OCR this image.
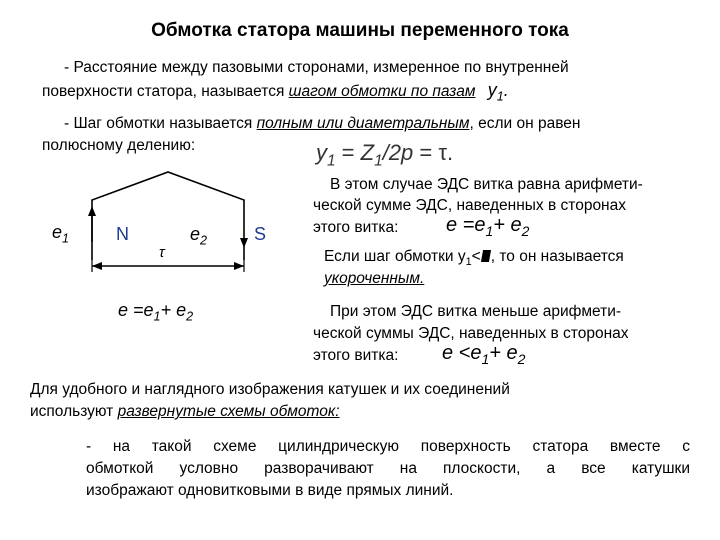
Обмотка статора машины переменного тока
- Расстояние между пазовыми сторонами, измеренное по внутренней
поверхности статора, называется шагом обмотки по пазам $y_1$.
- Шаг обмотки называется полным или диаметральным, если он равен
полюсному делению:	$y_1 = Z_1/2p = \tau$.
$e_1$	N	$e_2$	S
τ
$e =e_1+ e_2$
В этом случае ЭДС витка равна арифмети-
ческой сумме ЭДС, наведенных в сторонах
этого витка: $e =e_1+ e_2$
Если шаг обмотки $y_1<$ , то он называется
укороченным.
При этом ЭДС витка меньше арифмети-
ческой суммы ЭДС, наведенных в сторонах
этого витка: $e <e_1+ e_2$
Для удобного и наглядного изображения катушек и их соединений
используют развернутые схемы обмоток:
- на такой схеме цилиндрическую поверхность статора вместе с
обмоткой условно разворачивают на плоскости, а все катушки
изображают одновитковыми в виде прямых линий.
